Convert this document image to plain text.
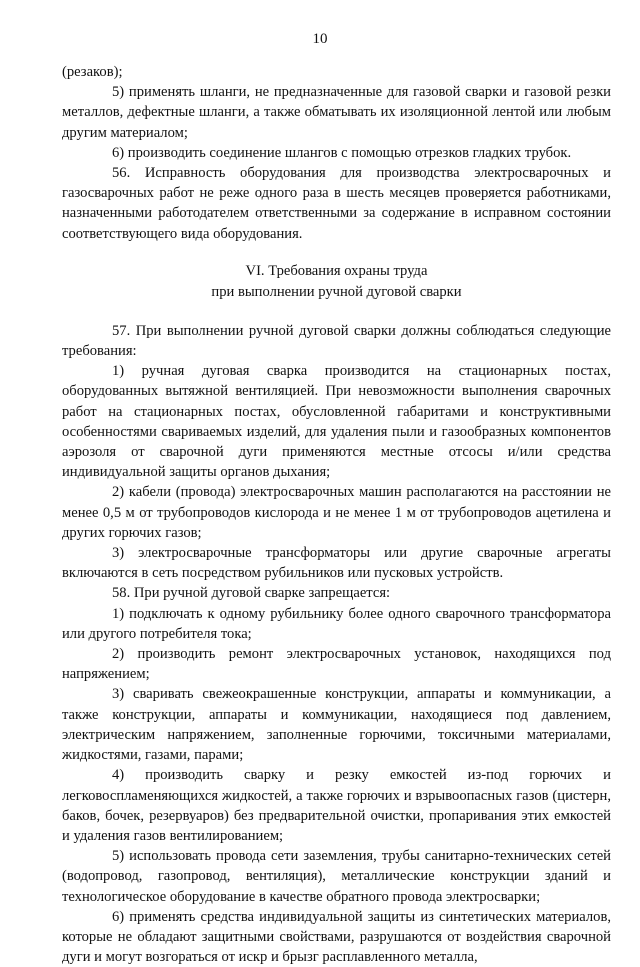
10

(резаков);

5) применять шланги, не предназначенные для газовой сварки и газовой резки металлов, дефектные шланги, а также обматывать их изоляционной лентой или любым другим материалом;

6) производить соединение шлангов с помощью отрезков гладких трубок.

56. Исправность оборудования для производства электросварочных и газосварочных работ не реже одного раза в шесть месяцев проверяется работниками, назначенными работодателем ответственными за содержание в исправном состоянии соответствующего вида оборудования.

VI. Требования охраны труда
при выполнении ручной дуговой сварки

57. При выполнении ручной дуговой сварки должны соблюдаться следующие требования:

1) ручная дуговая сварка производится на стационарных постах, оборудованных вытяжной вентиляцией. При невозможности выполнения сварочных работ на стационарных постах, обусловленной габаритами и конструктивными особенностями свариваемых изделий, для удаления пыли и газообразных компонентов аэрозоля от сварочной дуги применяются местные отсосы и/или средства индивидуальной защиты органов дыхания;

2) кабели (провода) электросварочных машин располагаются на расстоянии не менее 0,5 м от трубопроводов кислорода и не менее 1 м от трубопроводов ацетилена и других горючих газов;

3) электросварочные трансформаторы или другие сварочные агрегаты включаются в сеть посредством рубильников или пусковых устройств.

58. При ручной дуговой сварке запрещается:

1) подключать к одному рубильнику более одного сварочного трансформатора или другого потребителя тока;

2) производить ремонт электросварочных установок, находящихся под напряжением;

3) сваривать свежеокрашенные конструкции, аппараты и коммуникации, а также конструкции, аппараты и коммуникации, находящиеся под давлением, электрическим напряжением, заполненные горючими, токсичными материалами, жидкостями, газами, парами;

4) производить сварку и резку емкостей из-под горючих и легковоспламеняющихся жидкостей, а также горючих и взрывоопасных газов (цистерн, баков, бочек, резервуаров) без предварительной очистки, пропаривания этих емкостей и удаления газов вентилированием;

5) использовать провода сети заземления, трубы санитарно-технических сетей (водопровод, газопровод, вентиляция), металлические конструкции зданий и технологическое оборудование в качестве обратного провода электросварки;

6) применять средства индивидуальной защиты из синтетических материалов, которые не обладают защитными свойствами, разрушаются от воздействия сварочной дуги и могут возгораться от искр и брызг расплавленного металла,
